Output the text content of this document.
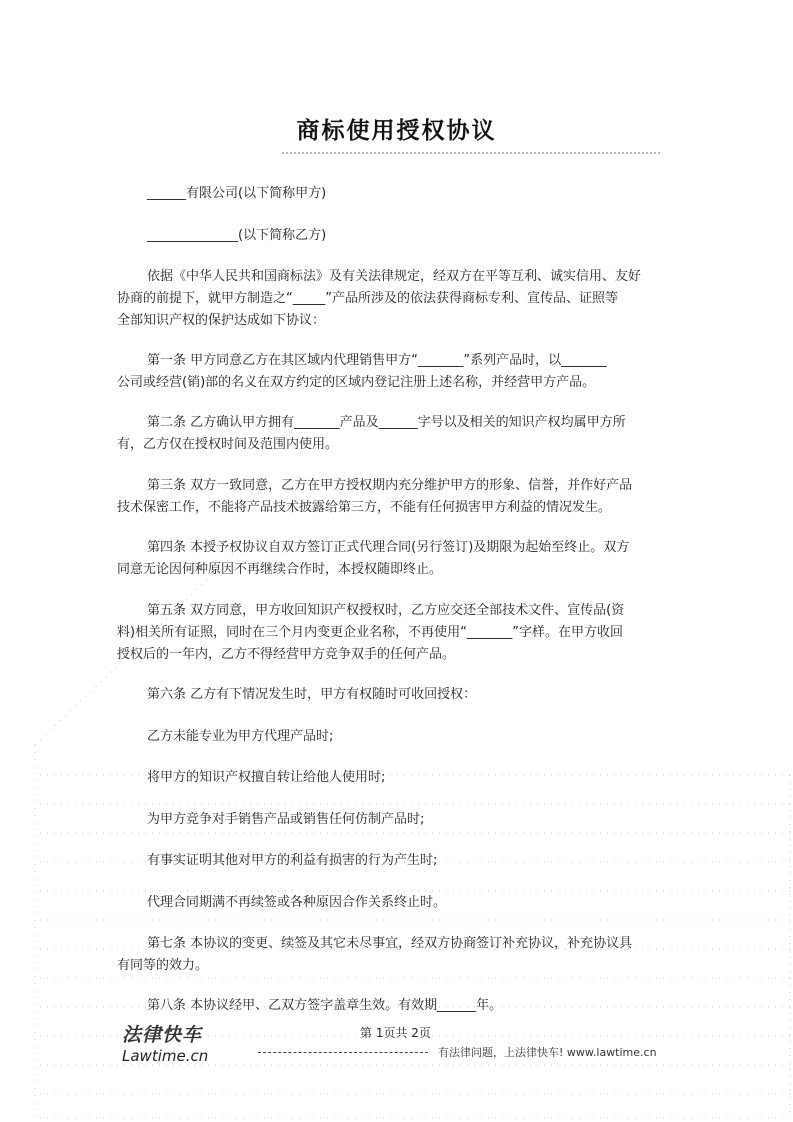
商标使用授权协议
______有限公司(以下简称甲方)
______________(以下简称乙方)
依据《中华人民共和国商标法》及有关法律规定，经双方在平等互利、诚实信用、友好
协商的前提下，就甲方制造之“_____”产品所涉及的依法获得商标专利、宣传品、证照等
全部知识产权的保护达成如下协议：
第一条 甲方同意乙方在其区域内代理销售甲方“_______”系列产品时，以_______
公司或经营(销)部的名义在双方约定的区域内登记注册上述名称，并经营甲方产品。
第二条 乙方确认甲方拥有_______产品及______字号以及相关的知识产权均属甲方所
有，乙方仅在授权时间及范围内使用。
第三条 双方一致同意，乙方在甲方授权期内充分维护甲方的形象、信誉，并作好产品
技术保密工作，不能将产品技术披露给第三方，不能有任何损害甲方利益的情况发生。
第四条 本授予权协议自双方签订正式代理合同(另行签订)及期限为起始至终止。双方
同意无论因何种原因不再继续合作时，本授权随即终止。
第五条 双方同意，甲方收回知识产权授权时，乙方应交还全部技术文件、宣传品(资
料)相关所有证照，同时在三个月内变更企业名称，不再使用“_______”字样。在甲方收回
授权后的一年内，乙方不得经营甲方竞争双手的任何产品。
第六条 乙方有下情况发生时，甲方有权随时可收回授权：
乙方未能专业为甲方代理产品时;
将甲方的知识产权擅自转让给他人使用时;
为甲方竞争对手销售产品或销售任何仿制产品时;
有事实证明其他对甲方的利益有损害的行为产生时;
代理合同期满不再续签或各种原因合作关系终止时。
第七条 本协议的变更、续签及其它未尽事宜，经双方协商签订补充协议，补充协议具
有同等的效力。
第八条 本协议经甲、乙双方签字盖章生效。有效期______年。
法律快车
Lawtime.cn
第 1页共 2页
有法律问题，上法律快车! www.lawtime.cn
